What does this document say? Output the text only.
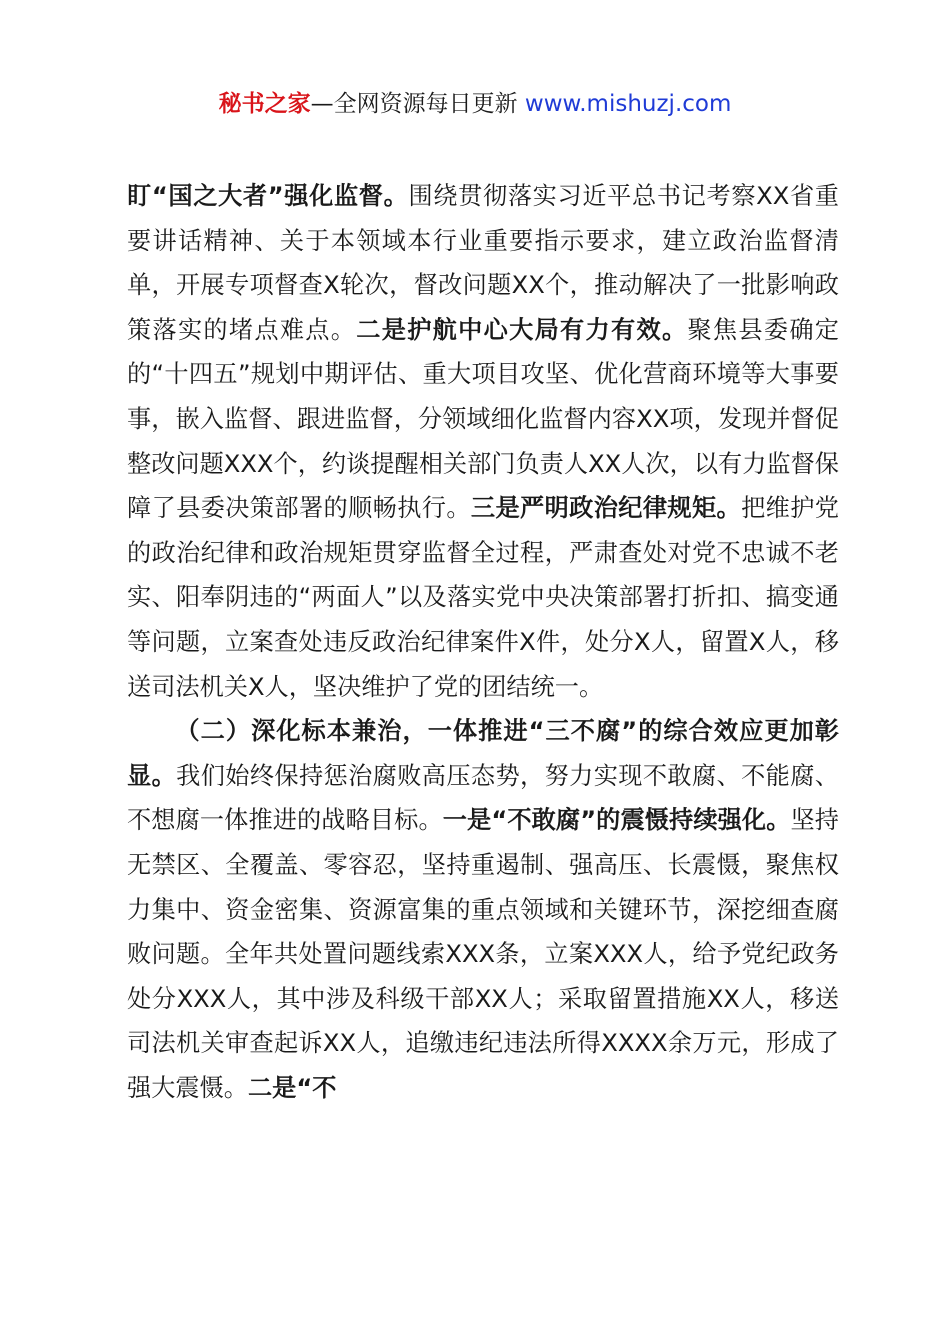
秘书之家—全网资源每日更新 www.mishuzj.com

盯“国之大者”强化监督。围绕贯彻落实习近平总书记考察XX省重要讲话精神、关于本领域本行业重要指示要求，建立政治监督清单，开展专项督查X轮次，督改问题XX个，推动解决了一批影响政策落实的堵点难点。二是护航中心大局有力有效。聚焦县委确定的“十四五”规划中期评估、重大项目攻坚、优化营商环境等大事要事，嵌入监督、跟进监督，分领域细化监督内容XX项，发现并督促整改问题XXX个，约谈提醒相关部门负责人XX人次，以有力监督保障了县委决策部署的顺畅执行。三是严明政治纪律规矩。把维护党的政治纪律和政治规矩贯穿监督全过程，严肃查处对党不忠诚不老实、阳奉阴违的“两面人”以及落实党中央决策部署打折扣、搞变通等问题，立案查处违反政治纪律案件X件，处分X人，留置X人，移送司法机关X人，坚决维护了党的团结统一。

（二）深化标本兼治，一体推进“三不腐”的综合效应更加彰显。我们始终保持惩治腐败高压态势，努力实现不敢腐、不能腐、不想腐一体推进的战略目标。一是“不敢腐”的震慑持续强化。坚持无禁区、全覆盖、零容忍，坚持重遏制、强高压、长震慑，聚焦权力集中、资金密集、资源富集的重点领域和关键环节，深挖细查腐败问题。全年共处置问题线索XXX条，立案XXX人，给予党纪政务处分XXX人，其中涉及科级干部XX人；采取留置措施XX人，移送司法机关审查起诉XX人，追缴违纪违法所得XXXX余万元，形成了强大震慑。二是“不
